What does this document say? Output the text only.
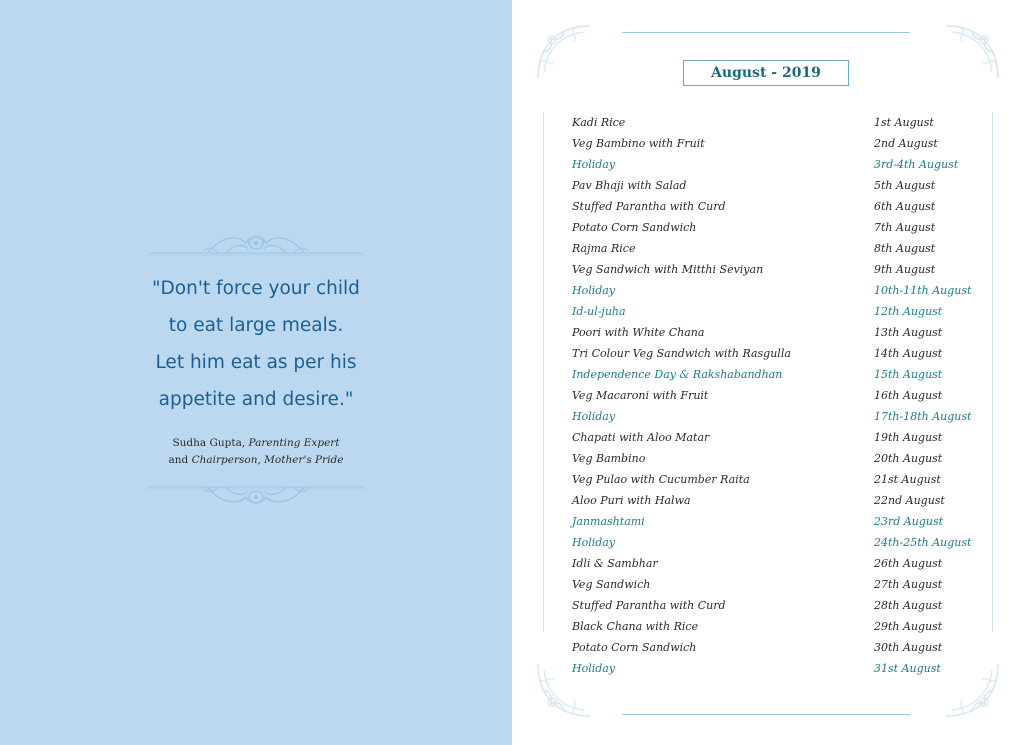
"Don't force your child
to eat large meals.
Let him eat as per his
appetite and desire."
Sudha Gupta, Parenting Expert
and Chairperson, Mother's Pride
August - 2019
Kadi Rice	1st August
Veg Bambino with Fruit	2nd August
Holiday	3rd-4th August
Pav Bhaji with Salad	5th August
Stuffed Parantha with Curd	6th August
Potato Corn Sandwich	7th August
Rajma Rice	8th August
Veg Sandwich with Mitthi Seviyan	9th August
Holiday	10th-11th August
Id-ul-juha	12th August
Poori with White Chana	13th August
Tri Colour Veg Sandwich with Rasgulla	14th August
Independence Day & Rakshabandhan	15th August
Veg Macaroni with Fruit	16th August
Holiday	17th-18th August
Chapati with Aloo Matar	19th August
Veg Bambino	20th August
Veg Pulao with Cucumber Raita	21st August
Aloo Puri with Halwa	22nd August
Janmashtami	23rd August
Holiday	24th-25th August
Idli & Sambhar	26th August
Veg Sandwich	27th August
Stuffed Parantha with Curd	28th August
Black Chana with Rice	29th August
Potato Corn Sandwich	30th August
Holiday	31st August
